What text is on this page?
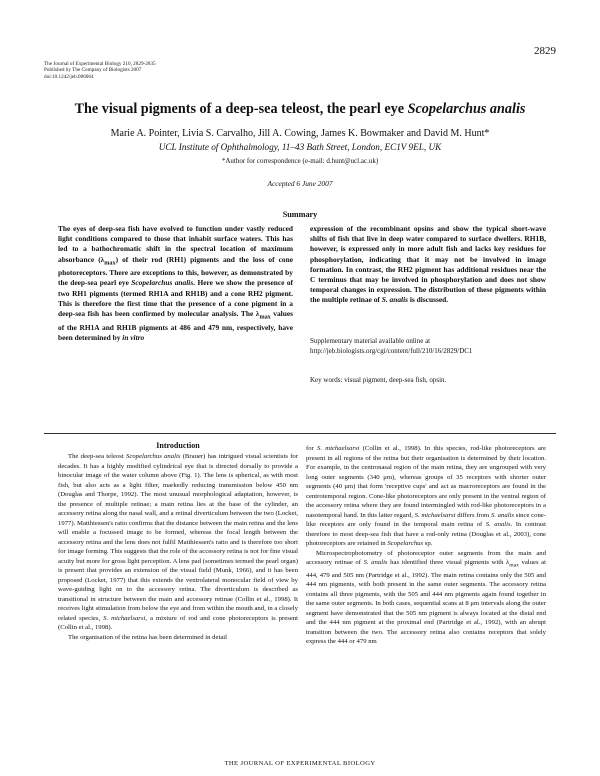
2829
The Journal of Experimental Biology 210, 2829-2835
Published by The Company of Biologists 2007
doi:10.1242/jeb.006064
The visual pigments of a deep-sea teleost, the pearl eye Scopelarchus analis
Marie A. Pointer, Livia S. Carvalho, Jill A. Cowing, James K. Bowmaker and David M. Hunt*
UCL Institute of Ophthalmology, 11–43 Bath Street, London, EC1V 9EL, UK
*Author for correspondence (e-mail: d.hunt@ucl.ac.uk)
Accepted 6 June 2007
Summary
The eyes of deep-sea fish have evolved to function under vastly reduced light conditions compared to those that inhabit surface waters. This has led to a bathochromatic shift in the spectral location of maximum absorbance $(\lambda_{max})$ of their rod (RH1) pigments and the loss of cone photoreceptors. There are exceptions to this, however, as demonstrated by the deep-sea pearl eye Scopelarchus analis. Here we show the presence of two RH1 pigments (termed RH1A and RH1B) and a cone RH2 pigment. This is therefore the first time that the presence of a cone pigment in a deep-sea fish has been confirmed by molecular analysis. The $\lambda_{max}$ values of the RH1A and RH1B pigments at 486 and 479 nm, respectively, have been determined by in vitro
expression of the recombinant opsins and show the typical short-wave shifts of fish that live in deep water compared to surface dwellers. RH1B, however, is expressed only in more adult fish and lacks key residues for phosphorylation, indicating that it may not be involved in image formation. In contrast, the RH2 pigment has additional residues near the C terminus that may be involved in phosphorylation and does not show temporal changes in expression. The distribution of these pigments within the multiple retinae of S. analis is discussed.
Supplementary material available online at http://jeb.biologists.org/cgi/content/full/210/16/2829/DC1
Key words: visual pigment, deep-sea fish, opsin.
Introduction

The deep-sea teleost Scopelarchus analis (Brauer) has intrigued visual scientists for decades. It has a highly modified cylindrical eye that is directed dorsally to provide a binocular image of the water column above (Fig. 1). The lens is spherical, as with most fish, but also acts as a light filter, markedly reducing transmission below 450 nm (Douglas and Thorpe, 1992). The most unusual morphological adaptation, however, is the presence of multiple retinae; a main retina lies at the base of the cylinder, an accessory retina along the nasal wall, and a retinal diverticulum between the two (Locket, 1977). Matthiessen's ratio confirms that the distance between the main retina and the lens will enable a focussed image to be formed, whereas the focal length between the accessory retina and the lens does not fulfil Matthiessen's ratio and is therefore too short for image forming. This suggests that the role of the accessory retina is not for fine visual acuity but more for gross light perception. A lens pad (sometimes termed the pearl organ) is present that provides an extension of the visual field (Munk, 1966), and it has been proposed (Locket, 1977) that this extends the ventrolateral monocular field of view by wave-guiding light on to the accessory retina. The diverticulum is described as transitional in structure between the main and accessory retinae (Collin et al., 1998). It receives light stimulation from below the eye and from within the mouth and, in a closely related species, S. michaelsarsi, a mixture of rod and cone photoreceptors is present (Collin et al., 1998).

The organisation of the retina has been determined in detail

for S. michaelsarsi (Collin et al., 1998). In this species, rod-like photoreceptors are present in all regions of the retina but their organisation is determined by their location. For example, in the centronasal region of the main retina, they are ungrouped with very long outer segments (340 μm), whereas groups of 35 receptors with shorter outer segments (40 μm) that form 'receptive cups' and act as macroreceptors are found in the centrotemporal region. Cone-like photoreceptors are only present in the ventral region of the accessory retina where they are found intermingled with rod-like photoreceptors in a nasotemporal band. In this latter regard, S. michaelsarsi differs from S. analis since cone-like receptors are only found in the temporal main retina of S. analis. In contrast therefore to most deep-sea fish that have a rod-only retina (Douglas et al., 2003), cone photoreceptors are retained in Scopelarchus sp.

Microspectrophotometry of photoreceptor outer segments from the main and accessory retinae of S. analis has identified three visual pigments with $\lambda_{max}$ values at 444, 479 and 505 nm (Partridge et al., 1992). The main retina contains only the 505 and 444 nm pigments, with both present in the same outer segments. The accessory retina contains all three pigments, with the 505 and 444 nm pigments again found together in the same outer segments. In both cases, sequential scans at 8 μm intervals along the outer segment have demonstrated that the 505 nm pigment is always located at the distal end and the 444 nm pigment at the proximal end (Partridge et al., 1992), with an abrupt transition between the two. The accessory retina also contains receptors that solely express the 444 or 479 nm

THE JOURNAL OF EXPERIMENTAL BIOLOGY
